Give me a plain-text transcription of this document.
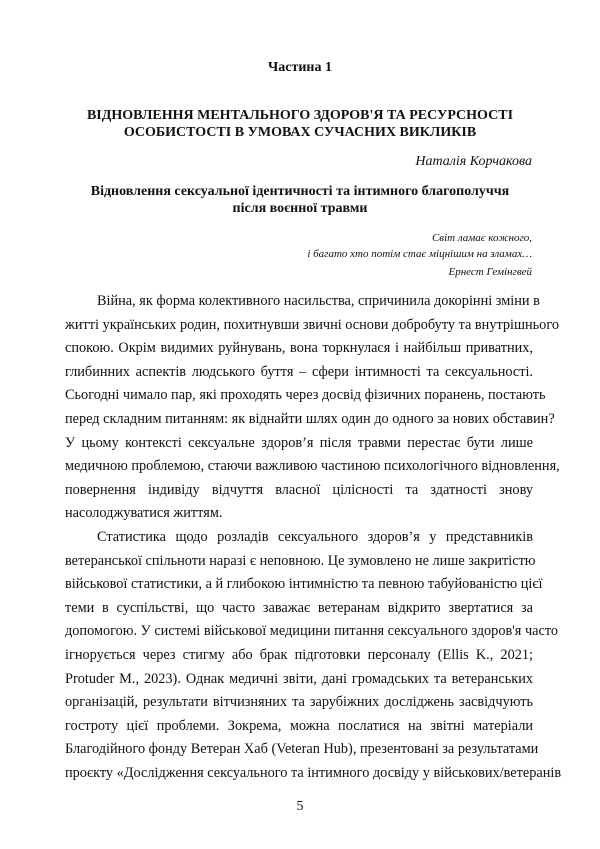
Частина 1
ВІДНОВЛЕННЯ МЕНТАЛЬНОГО ЗДОРОВ'Я ТА РЕСУРСНОСТІ
ОСОБИСТОСТІ В УМОВАХ СУЧАСНИХ ВИКЛИКІВ
Наталія Корчакова
Відновлення сексуальної ідентичності та інтимного благополуччя
після воєнної травми
Світ ламає кожного,
і багато хто потім стає міцнішим на зламах…
Ернест Гемінгвей
Війна, як форма колективного насильства, спричинила докорінні зміни в
житті українських родин, похитнувши звичні основи добробуту та внутрішнього
спокою. Окрім видимих руйнувань, вона торкнулася і найбільш приватних,
глибинних аспектів людського буття – сфери інтимності та сексуальності.
Сьогодні чимало пар, які проходять через досвід фізичних поранень, постають
перед складним питанням: як віднайти шлях один до одного за нових обставин?
У цьому контексті сексуальне здоров’я після травми перестає бути лише
медичною проблемою, стаючи важливою частиною психологічного відновлення,
повернення індивіду відчуття власної цілісності та здатності знову
насолоджуватися життям.
Статистика щодо розладів сексуального здоров’я у представників
ветеранської спільноти наразі є неповною. Це зумовлено не лише закритістю
військової статистики, а й глибокою інтимністю та певною табуйованістю цієї
теми в суспільстві, що часто заважає ветеранам відкрито звертатися за
допомогою. У системі військової медицини питання сексуального здоров'я часто
ігнорується через стигму або брак підготовки персоналу (Ellis K., 2021;
Protuder M., 2023). Однак медичні звіти, дані громадських та ветеранських
організацій, результати вітчизняних та зарубіжних досліджень засвідчують
гостроту цієї проблеми. Зокрема, можна послатися на звітні матеріали
Благодійного фонду Ветеран Хаб (Veteran Hub), презентовані за результатами
проєкту «Дослідження сексуального та інтимного досвіду у військових/ветеранів
5
